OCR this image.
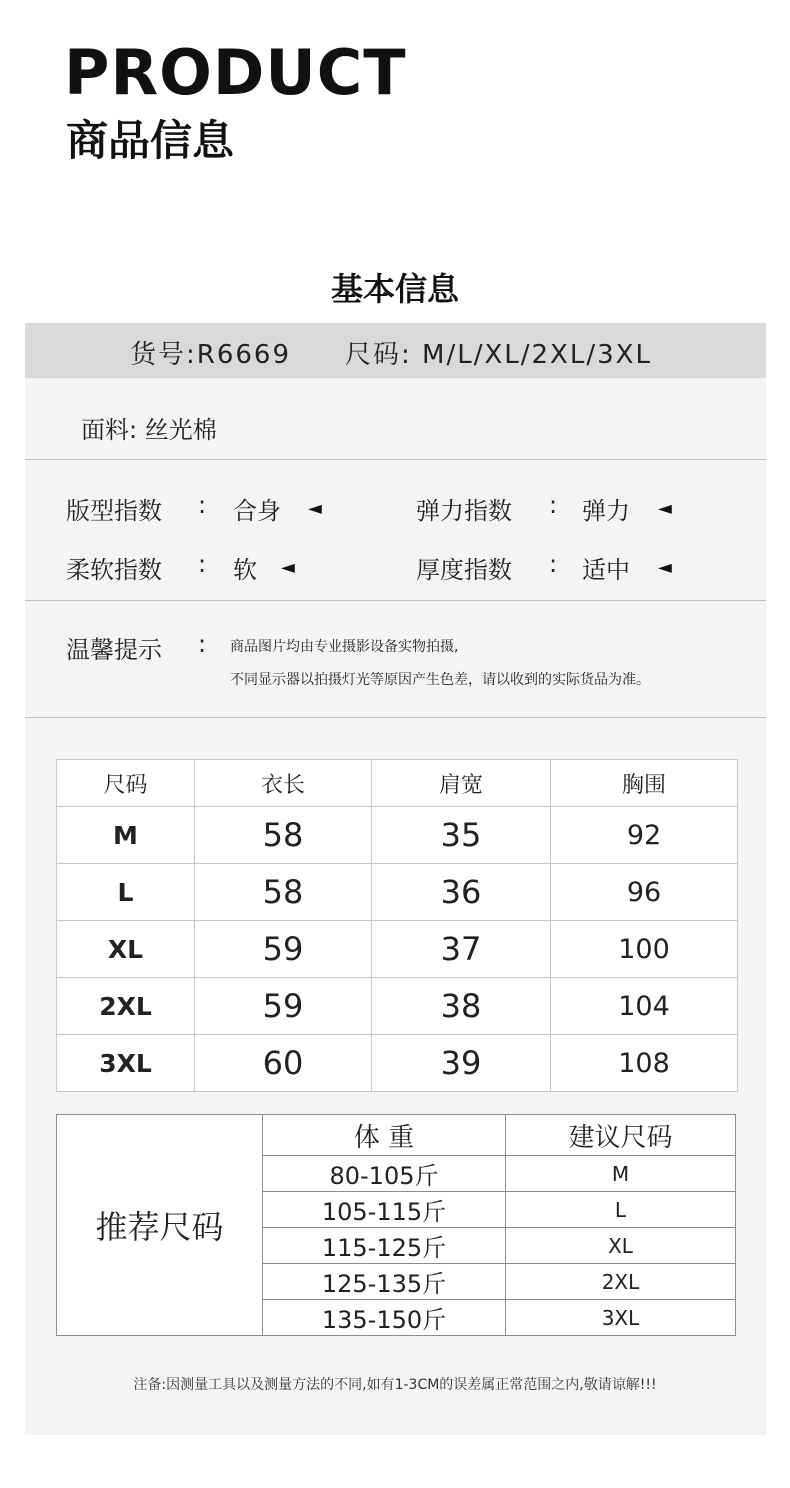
PRODUCT
商品信息
基本信息
货号:R6669 尺码: M/L/XL/2XL/3XL
面料: 丝光棉
版型指数 : 合身 ◄	弹力指数 : 弹力 ◄
柔软指数 : 软 ◄	厚度指数 : 适中 ◄
温馨提示 : 商品图片均由专业摄影设备实物拍摄,
不同显示器以拍摄灯光等原因产生色差，请以收到的实际货品为准。
尺码	衣长	肩宽	胸围
M	58	35	92
L	58	36	96
XL	59	37	100
2XL	59	38	104
3XL	60	39	108
推荐尺码	体 重	建议尺码
	80-105斤	M
	105-115斤	L
	115-125斤	XL
	125-135斤	2XL
	135-150斤	3XL
注备:因测量工具以及测量方法的不同,如有1-3CM的误差属正常范围之内,敬请谅解!!!
